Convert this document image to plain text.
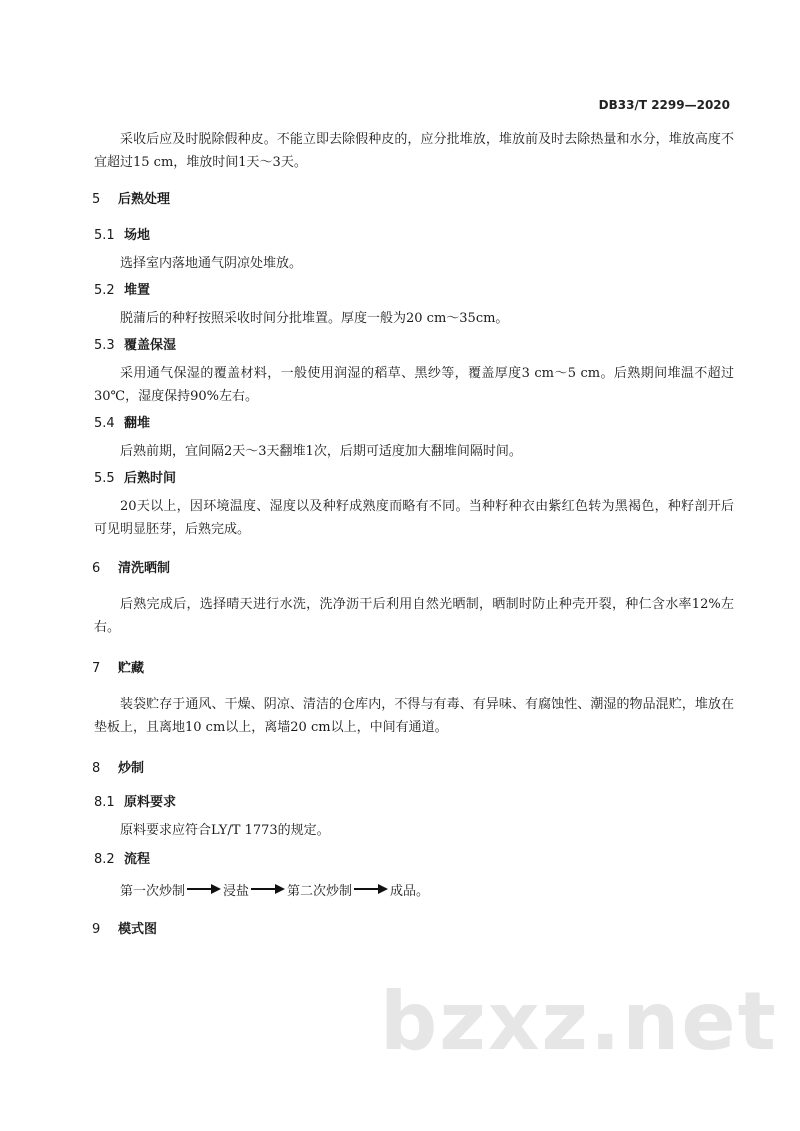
DB33/T 2299—2020

采收后应及时脱除假种皮。不能立即去除假种皮的，应分批堆放，堆放前及时去除热量和水分，堆放高度不宜超过15 cm，堆放时间1天～3天。

5	后熟处理
5.1 场地

选择室内落地通气阴凉处堆放。

5.2 堆置

脱蒲后的种籽按照采收时间分批堆置。厚度一般为20 cm～35cm。

5.3 覆盖保湿

采用通气保湿的覆盖材料，一般使用润湿的稻草、黑纱等，覆盖厚度3 cm～5 cm。后熟期间堆温不超过30℃，湿度保持90%左右。

5.4 翻堆

后熟前期，宜间隔2天～3天翻堆1次，后期可适度加大翻堆间隔时间。

5.5 后熟时间

20天以上，因环境温度、湿度以及种籽成熟度而略有不同。当种籽种衣由紫红色转为黑褐色，种籽剖开后可见明显胚芽，后熟完成。

6	清洗晒制

后熟完成后，选择晴天进行水洗，洗净沥干后利用自然光晒制，晒制时防止种壳开裂，种仁含水率12%左右。

7	贮藏

装袋贮存于通风、干燥、阴凉、清洁的仓库内，不得与有毒、有异味、有腐蚀性、潮湿的物品混贮，堆放在垫板上，且离地10 cm以上，离墙20 cm以上，中间有通道。

8	炒制
8.1 原料要求

原料要求应符合LY/T 1773的规定。

8.2 流程
第一次炒制	浸盐	第二次炒制	成品。
9	模式图
bzxz.net
